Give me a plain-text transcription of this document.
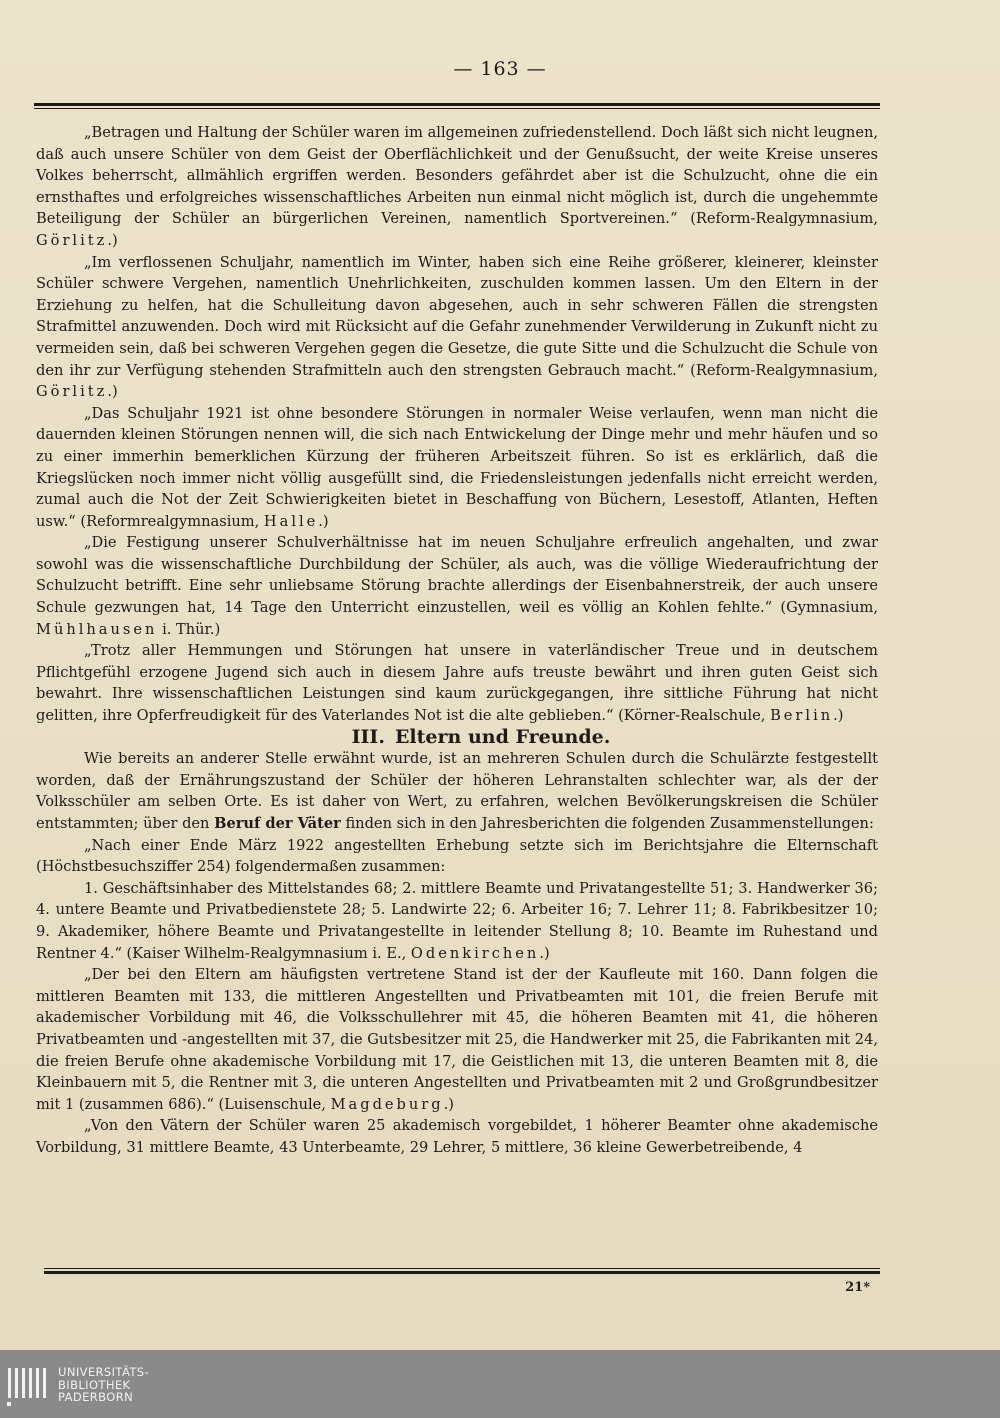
— 163 —

„Betragen und Haltung der Schüler waren im allgemeinen zufriedenstellend. Doch läßt sich nicht leugnen, daß auch unsere Schüler von dem Geist der Oberflächlichkeit und der Genußsucht, der weite Kreise unseres Volkes beherrscht, allmählich ergriffen werden. Besonders gefährdet aber ist die Schulzucht, ohne die ein ernsthaftes und erfolgreiches wissenschaftliches Arbeiten nun einmal nicht möglich ist, durch die ungehemmte Beteiligung der Schüler an bürgerlichen Vereinen, namentlich Sportvereinen.“ (Reform-Realgymnasium, Görlitz.)

„Im verflossenen Schuljahr, namentlich im Winter, haben sich eine Reihe größerer, kleinerer, kleinster Schüler schwere Vergehen, namentlich Unehrlichkeiten, zuschulden kommen lassen. Um den Eltern in der Erziehung zu helfen, hat die Schulleitung davon abgesehen, auch in sehr schweren Fällen die strengsten Strafmittel anzuwenden. Doch wird mit Rücksicht auf die Gefahr zunehmender Verwilderung in Zukunft nicht zu vermeiden sein, daß bei schweren Vergehen gegen die Gesetze, die gute Sitte und die Schulzucht die Schule von den ihr zur Verfügung stehenden Strafmitteln auch den strengsten Gebrauch macht.“ (Reform-Realgymnasium, Görlitz.)

„Das Schuljahr 1921 ist ohne besondere Störungen in normaler Weise verlaufen, wenn man nicht die dauernden kleinen Störungen nennen will, die sich nach Entwickelung der Dinge mehr und mehr häufen und so zu einer immerhin bemerklichen Kürzung der früheren Arbeitszeit führen. So ist es erklärlich, daß die Kriegslücken noch immer nicht völlig ausgefüllt sind, die Friedensleistungen jedenfalls nicht erreicht werden, zumal auch die Not der Zeit Schwierigkeiten bietet in Beschaffung von Büchern, Lesestoff, Atlanten, Heften usw.“ (Reformrealgymnasium, Halle.)

„Die Festigung unserer Schulverhältnisse hat im neuen Schuljahre erfreulich angehalten, und zwar sowohl was die wissenschaftliche Durchbildung der Schüler, als auch, was die völlige Wiederaufrichtung der Schulzucht betrifft. Eine sehr unliebsame Störung brachte allerdings der Eisenbahnerstreik, der auch unsere Schule gezwungen hat, 14 Tage den Unterricht einzustellen, weil es völlig an Kohlen fehlte.“ (Gymnasium, Mühlhausen i. Thür.)

„Trotz aller Hemmungen und Störungen hat unsere in vaterländischer Treue und in deutschem Pflichtgefühl erzogene Jugend sich auch in diesem Jahre aufs treuste bewährt und ihren guten Geist sich bewahrt. Ihre wissenschaftlichen Leistungen sind kaum zurückgegangen, ihre sittliche Führung hat nicht gelitten, ihre Opferfreudigkeit für des Vaterlandes Not ist die alte geblieben.“ (Körner-Realschule, Berlin.)

III. Eltern und Freunde.

Wie bereits an anderer Stelle erwähnt wurde, ist an mehreren Schulen durch die Schulärzte festgestellt worden, daß der Ernährungszustand der Schüler der höheren Lehranstalten schlechter war, als der der Volksschüler am selben Orte. Es ist daher von Wert, zu erfahren, welchen Bevölkerungskreisen die Schüler entstammten; über den Beruf der Väter finden sich in den Jahresberichten die folgenden Zusammenstellungen:

„Nach einer Ende März 1922 angestellten Erhebung setzte sich im Berichtsjahre die Elternschaft (Höchstbesuchsziffer 254) folgendermaßen zusammen:

1. Geschäftsinhaber des Mittelstandes 68; 2. mittlere Beamte und Privatangestellte 51; 3. Handwerker 36; 4. untere Beamte und Privatbedienstete 28; 5. Landwirte 22; 6. Arbeiter 16; 7. Lehrer 11; 8. Fabrikbesitzer 10; 9. Akademiker, höhere Beamte und Privatangestellte in leitender Stellung 8; 10. Beamte im Ruhestand und Rentner 4.“ (Kaiser Wilhelm-Realgymnasium i. E., Odenkirchen.)

„Der bei den Eltern am häufigsten vertretene Stand ist der der Kaufleute mit 160. Dann folgen die mittleren Beamten mit 133, die mittleren Angestellten und Privatbeamten mit 101, die freien Berufe mit akademischer Vorbildung mit 46, die Volksschullehrer mit 45, die höheren Beamten mit 41, die höheren Privatbeamten und -angestellten mit 37, die Gutsbesitzer mit 25, die Handwerker mit 25, die Fabrikanten mit 24, die freien Berufe ohne akademische Vorbildung mit 17, die Geistlichen mit 13, die unteren Beamten mit 8, die Kleinbauern mit 5, die Rentner mit 3, die unteren Angestellten und Privatbeamten mit 2 und Großgrundbesitzer mit 1 (zusammen 686).“ (Luisenschule, Magdeburg.)

„Von den Vätern der Schüler waren 25 akademisch vorgebildet, 1 höherer Beamter ohne akademische Vorbildung, 31 mittlere Beamte, 43 Unterbeamte, 29 Lehrer, 5 mittlere, 36 kleine Gewerbetreibende, 4

21*
UNIVERSITÄTS-
BIBLIOTHEK
PADERBORN
